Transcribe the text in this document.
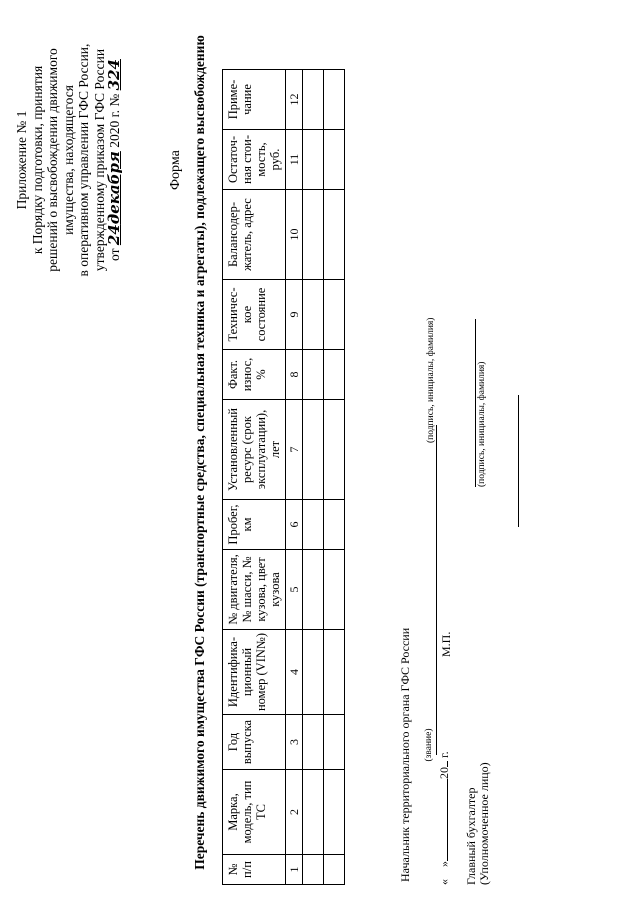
Приложение № 1 к Порядку подготовки, принятия решений о высвобождении движимого имущества, находящегося в оперативном управлении ГФС России, утвержденному приказом ГФС России от 24декабря 2020 г. № 324
Форма Перечень движимого имущества ГФС России (транспортные средства, специальная техника и агрегаты), подлежащего высвобождению № п/п	Марка, модель, тип ТС	Год выпуска	Идентифика-ционный номер (VIN№)	№ двигателя, № шасси, № кузова, цвет кузова	Пробег, км	Установленный ресурс (срок эксплуатации), лет	Факт. износ, %	Техничес-кое состояние	Балансодер-жатель, адрес	Остаточ-ная стои-мость, руб.	Приме-чание
1	2	3	4	5	6	7	8	9	10	11	12

Начальник территориального органа ГФС России (звание)
«»20 г.
М.П.
(подпись, инициалы, фамилия)
Главный бухгалтер (Уполномоченное лицо)
(подпись, инициалы, фамилия)
